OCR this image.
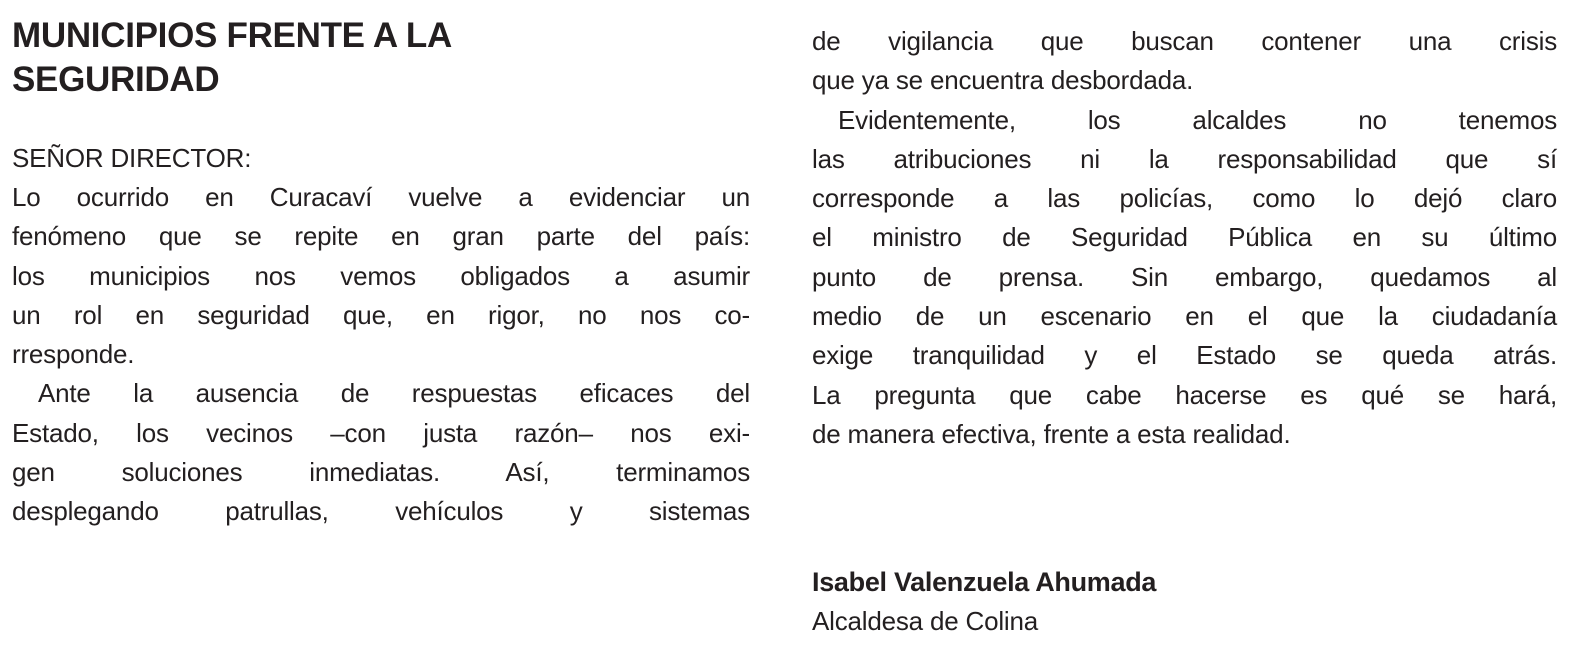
MUNICIPIOS FRENTE A LA
SEGURIDAD

SEÑOR DIRECTOR:

Lo ocurrido en Curacaví vuelve a evidenciar un
fenómeno que se repite en gran parte del país:
los municipios nos vemos obligados a asumir
un rol en seguridad que, en rigor, no nos co-
rresponde.

Ante la ausencia de respuestas eficaces del
Estado, los vecinos –con justa razón– nos exi-
gen soluciones inmediatas. Así, terminamos
desplegando patrullas, vehículos y sistemas

de vigilancia que buscan contener una crisis
que ya se encuentra desbordada.

Evidentemente, los alcaldes no tenemos
las atribuciones ni la responsabilidad que sí
corresponde a las policías, como lo dejó claro
el ministro de Seguridad Pública en su último
punto de prensa. Sin embargo, quedamos al
medio de un escenario en el que la ciudadanía
exige tranquilidad y el Estado se queda atrás.
La pregunta que cabe hacerse es qué se hará,
de manera efectiva, frente a esta realidad.

Isabel Valenzuela Ahumada

Alcaldesa de Colina
